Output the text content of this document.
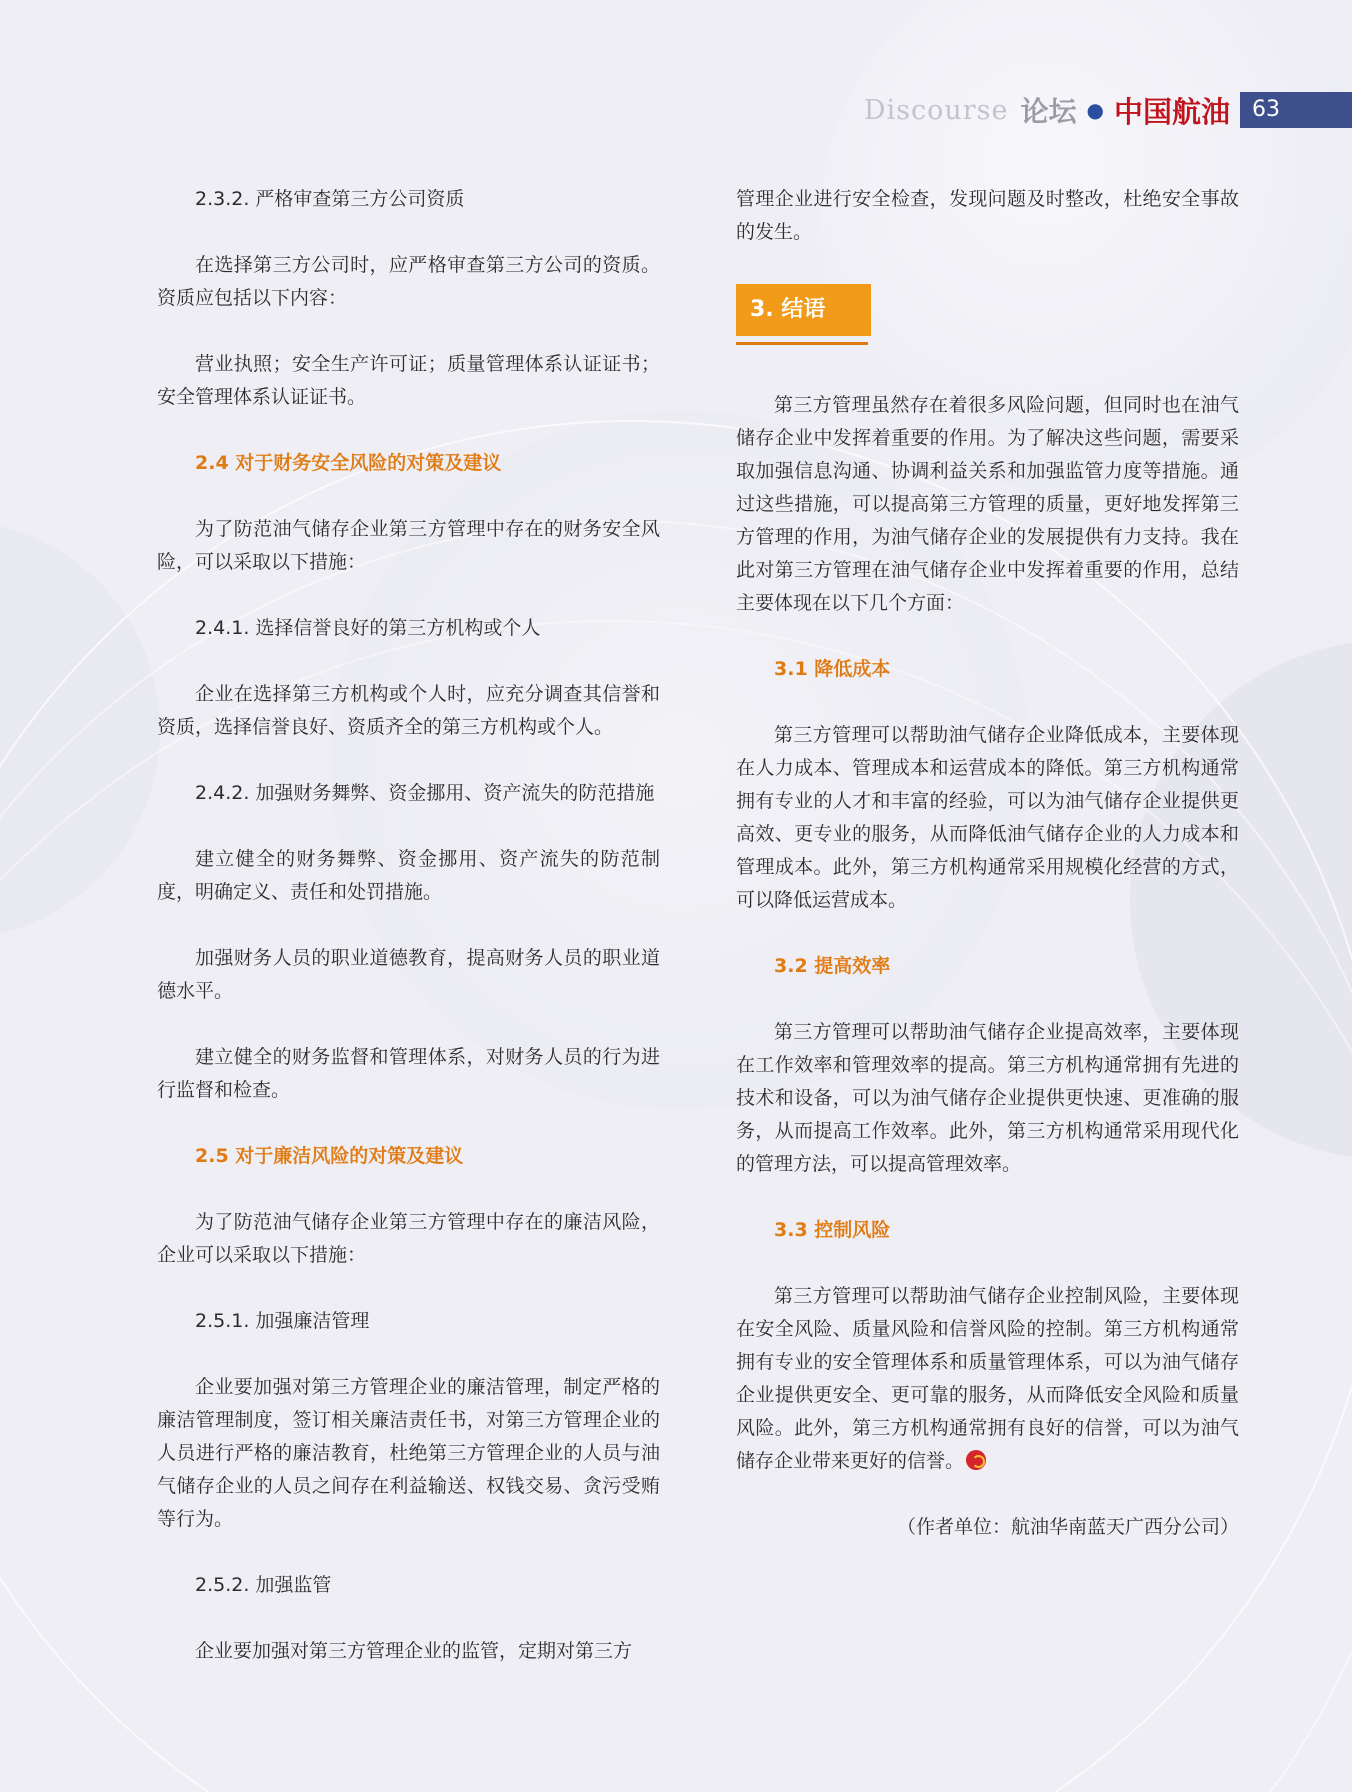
Discourse 论坛 ● 中国航油	63

2.3.2. 严格审查第三方公司资质

在选择第三方公司时，应严格审查第三方公司的资质。资质应包括以下内容：

营业执照；安全生产许可证；质量管理体系认证证书；安全管理体系认证证书。

2.4 对于财务安全风险的对策及建议

为了防范油气储存企业第三方管理中存在的财务安全风险，可以采取以下措施：

2.4.1. 选择信誉良好的第三方机构或个人

企业在选择第三方机构或个人时，应充分调查其信誉和资质，选择信誉良好、资质齐全的第三方机构或个人。

2.4.2. 加强财务舞弊、资金挪用、资产流失的防范措施

建立健全的财务舞弊、资金挪用、资产流失的防范制度，明确定义、责任和处罚措施。

加强财务人员的职业道德教育，提高财务人员的职业道德水平。

建立健全的财务监督和管理体系，对财务人员的行为进行监督和检查。

2.5 对于廉洁风险的对策及建议

为了防范油气储存企业第三方管理中存在的廉洁风险，企业可以采取以下措施：

2.5.1. 加强廉洁管理

企业要加强对第三方管理企业的廉洁管理，制定严格的廉洁管理制度，签订相关廉洁责任书，对第三方管理企业的人员进行严格的廉洁教育，杜绝第三方管理企业的人员与油气储存企业的人员之间存在利益输送、权钱交易、贪污受贿等行为。

2.5.2. 加强监管

企业要加强对第三方管理企业的监管，定期对第三方

管理企业进行安全检查，发现问题及时整改，杜绝安全事故的发生。

3. 结语

第三方管理虽然存在着很多风险问题，但同时也在油气储存企业中发挥着重要的作用。为了解决这些问题，需要采取加强信息沟通、协调利益关系和加强监管力度等措施。通过这些措施，可以提高第三方管理的质量，更好地发挥第三方管理的作用，为油气储存企业的发展提供有力支持。我在此对第三方管理在油气储存企业中发挥着重要的作用，总结主要体现在以下几个方面：

3.1 降低成本

第三方管理可以帮助油气储存企业降低成本，主要体现在人力成本、管理成本和运营成本的降低。第三方机构通常拥有专业的人才和丰富的经验，可以为油气储存企业提供更高效、更专业的服务，从而降低油气储存企业的人力成本和管理成本。此外，第三方机构通常采用规模化经营的方式，可以降低运营成本。

3.2 提高效率

第三方管理可以帮助油气储存企业提高效率，主要体现在工作效率和管理效率的提高。第三方机构通常拥有先进的技术和设备，可以为油气储存企业提供更快速、更准确的服务，从而提高工作效率。此外，第三方机构通常采用现代化的管理方法，可以提高管理效率。

3.3 控制风险

第三方管理可以帮助油气储存企业控制风险，主要体现在安全风险、质量风险和信誉风险的控制。第三方机构通常拥有专业的安全管理体系和质量管理体系，可以为油气储存企业提供更安全、更可靠的服务，从而降低安全风险和质量风险。此外，第三方机构通常拥有良好的信誉，可以为油气储存企业带来更好的信誉。

（作者单位：航油华南蓝天广西分公司）
